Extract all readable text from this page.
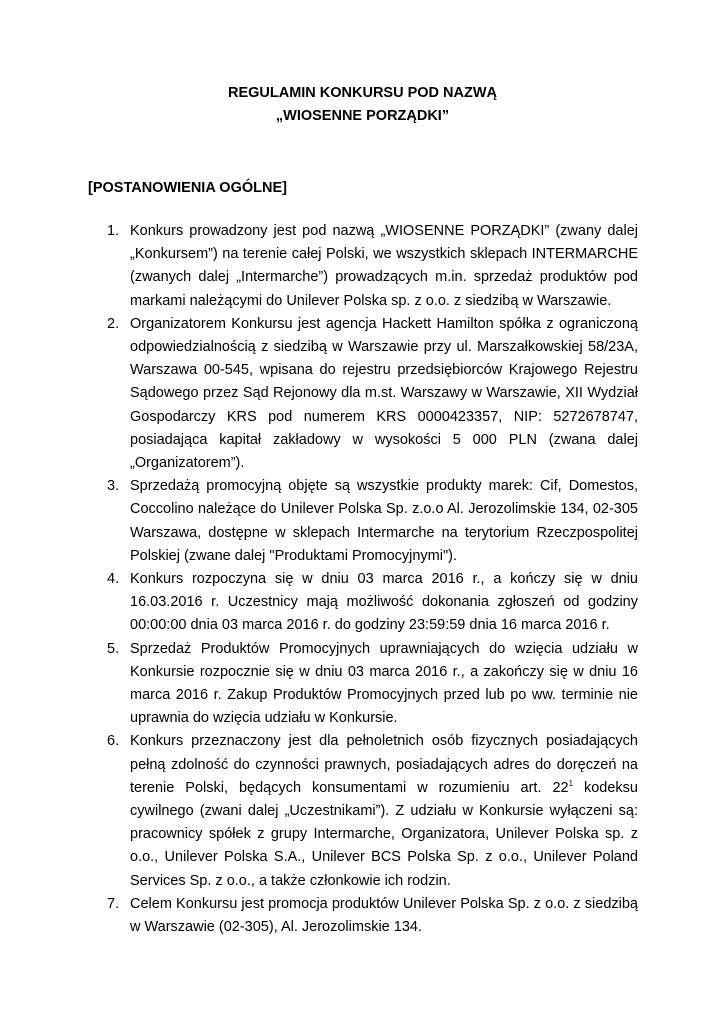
REGULAMIN KONKURSU POD NAZWĄ
„WIOSENNE PORZĄDKI”
[POSTANOWIENIA OGÓLNE]
1. Konkurs prowadzony jest pod nazwą „WIOSENNE PORZĄDKI” (zwany dalej „Konkursem”) na terenie całej Polski, we wszystkich sklepach INTERMARCHE (zwanych dalej „Intermarche”) prowadzących m.in. sprzedaż produktów pod markami należącymi do Unilever Polska sp. z o.o. z siedzibą w Warszawie.
2. Organizatorem Konkursu jest agencja Hackett Hamilton spółka z ograniczoną odpowiedzialnością z siedzibą w Warszawie przy ul. Marszałkowskiej 58/23A, Warszawa 00-545, wpisana do rejestru przedsiębiorców Krajowego Rejestru Sądowego przez Sąd Rejonowy dla m.st. Warszawy w Warszawie, XII Wydział Gospodarczy KRS pod numerem KRS 0000423357, NIP: 5272678747, posiadająca kapitał zakładowy w wysokości 5 000 PLN (zwana dalej „Organizatorem”).
3. Sprzedażą promocyjną objęte są wszystkie produkty marek: Cif, Domestos, Coccolino należące do Unilever Polska Sp. z.o.o Al. Jerozolimskie 134, 02-305 Warszawa, dostępne w sklepach Intermarche na terytorium Rzeczpospolitej Polskiej (zwane dalej "Produktami Promocyjnymi").
4. Konkurs rozpoczyna się w dniu 03 marca 2016 r., a kończy się w dniu 16.03.2016 r. Uczestnicy mają możliwość dokonania zgłoszeń od godziny 00:00:00 dnia 03 marca 2016 r. do godziny 23:59:59 dnia 16 marca 2016 r.
5. Sprzedaż Produktów Promocyjnych uprawniających do wzięcia udziału w Konkursie rozpocznie się w dniu 03 marca 2016 r., a zakończy się w dniu 16 marca 2016 r. Zakup Produktów Promocyjnych przed lub po ww. terminie nie uprawnia do wzięcia udziału w Konkursie.
6. Konkurs przeznaczony jest dla pełnoletnich osób fizycznych posiadających pełną zdolność do czynności prawnych, posiadających adres do doręczeń na terenie Polski, będących konsumentami w rozumieniu art. $22^1$ kodeksu cywilnego (zwani dalej „Uczestnikami”). Z udziału w Konkursie wyłączeni są: pracownicy spółek z grupy Intermarche, Organizatora, Unilever Polska sp. z o.o., Unilever Polska S.A., Unilever BCS Polska Sp. z o.o., Unilever Poland Services Sp. z o.o., a także członkowie ich rodzin.
7. Celem Konkursu jest promocja produktów Unilever Polska Sp. z o.o. z siedzibą w Warszawie (02-305), Al. Jerozolimskie 134.
